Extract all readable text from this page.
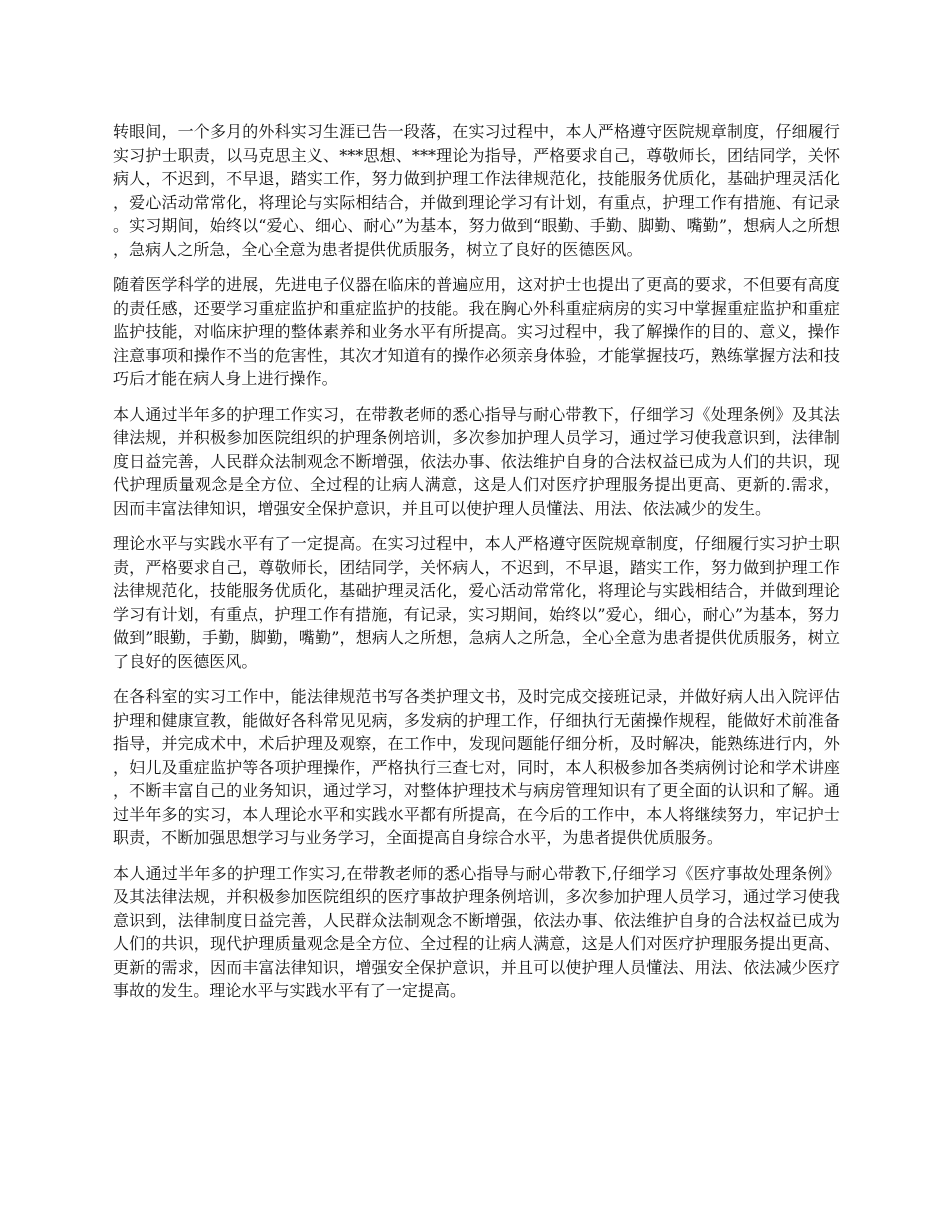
转眼间，一个多月的外科实习生涯已告一段落，在实习过程中，本人严格遵守医院规章制度，仔细履行实习护士职责，以马克思主义、***思想、***理论为指导，严格要求自己，尊敬师长，团结同学，关怀病人，不迟到，不早退，踏实工作，努力做到护理工作法律规范化，技能服务优质化，基础护理灵活化，爱心活动常常化，将理论与实际相结合，并做到理论学习有计划，有重点，护理工作有措施、有记录。实习期间，始终以“爱心、细心、耐心”为基本，努力做到“眼勤、手勤、脚勤、嘴勤”，想病人之所想，急病人之所急，全心全意为患者提供优质服务，树立了良好的医德医风。

随着医学科学的进展，先进电子仪器在临床的普遍应用，这对护士也提出了更高的要求，不但要有高度的责任感，还要学习重症监护和重症监护的技能。我在胸心外科重症病房的实习中掌握重症监护和重症监护技能，对临床护理的整体素养和业务水平有所提高。实习过程中，我了解操作的目的、意义，操作注意事项和操作不当的危害性，其次才知道有的操作必须亲身体验，才能掌握技巧，熟练掌握方法和技巧后才能在病人身上进行操作。

本人通过半年多的护理工作实习，在带教老师的悉心指导与耐心带教下，仔细学习《处理条例》及其法律法规，并积极参加医院组织的护理条例培训，多次参加护理人员学习，通过学习使我意识到，法律制度日益完善，人民群众法制观念不断增强，依法办事、依法维护自身的合法权益已成为人们的共识，现代护理质量观念是全方位、全过程的让病人满意，这是人们对医疗护理服务提出更高、更新的.需求，因而丰富法律知识，增强安全保护意识，并且可以使护理人员懂法、用法、依法减少的发生。

理论水平与实践水平有了一定提高。在实习过程中，本人严格遵守医院规章制度，仔细履行实习护士职责，严格要求自己，尊敬师长，团结同学，关怀病人，不迟到，不早退，踏实工作，努力做到护理工作法律规范化，技能服务优质化，基础护理灵活化，爱心活动常常化，将理论与实践相结合，并做到理论学习有计划，有重点，护理工作有措施，有记录，实习期间，始终以”爱心，细心，耐心”为基本，努力做到”眼勤，手勤，脚勤，嘴勤”，想病人之所想，急病人之所急，全心全意为患者提供优质服务，树立了良好的医德医风。

在各科室的实习工作中，能法律规范书写各类护理文书，及时完成交接班记录，并做好病人出入院评估护理和健康宣教，能做好各科常见见病，多发病的护理工作，仔细执行无菌操作规程，能做好术前准备指导，并完成术中，术后护理及观察，在工作中，发现问题能仔细分析，及时解决，能熟练进行内，外，妇儿及重症监护等各项护理操作，严格执行三查七对，同时，本人积极参加各类病例讨论和学术讲座，不断丰富自己的业务知识，通过学习，对整体护理技术与病房管理知识有了更全面的认识和了解。通过半年多的实习，本人理论水平和实践水平都有所提高，在今后的工作中，本人将继续努力，牢记护士职责，不断加强思想学习与业务学习，全面提高自身综合水平，为患者提供优质服务。

本人通过半年多的护理工作实习,在带教老师的悉心指导与耐心带教下,仔细学习《医疗事故处理条例》及其法律法规，并积极参加医院组织的医疗事故护理条例培训，多次参加护理人员学习，通过学习使我意识到，法律制度日益完善，人民群众法制观念不断增强，依法办事、依法维护自身的合法权益已成为人们的共识，现代护理质量观念是全方位、全过程的让病人满意，这是人们对医疗护理服务提出更高、更新的需求，因而丰富法律知识，增强安全保护意识，并且可以使护理人员懂法、用法、依法减少医疗事故的发生。理论水平与实践水平有了一定提高。
